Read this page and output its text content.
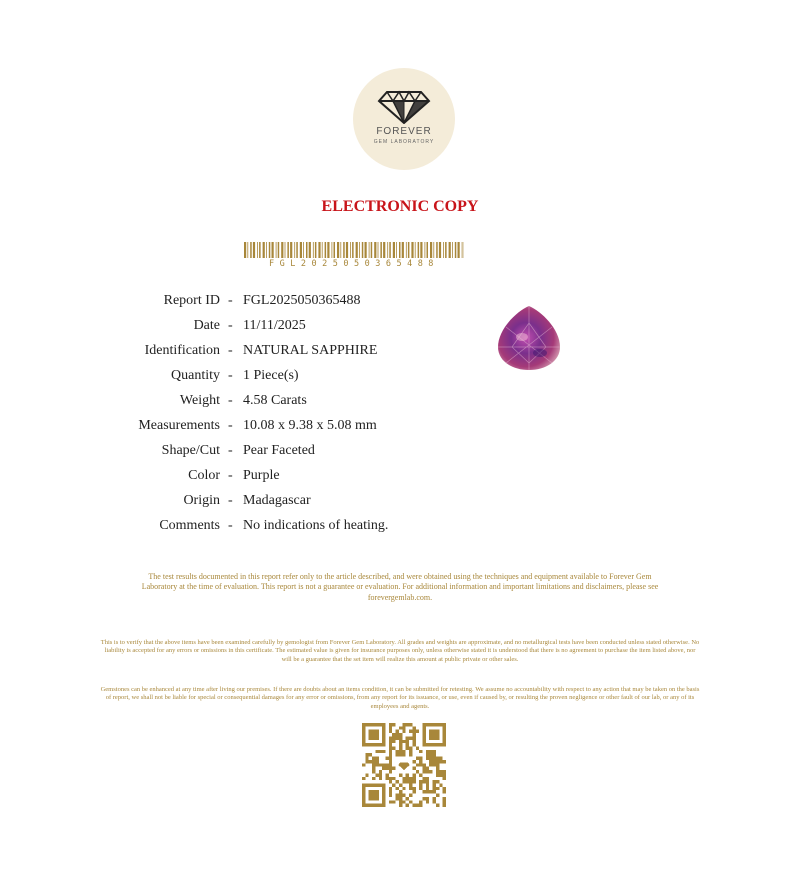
FOREVER
GEM LABORATORY
ELECTRONIC COPY
FGL2025050365488
Report ID - FGL2025050365488
Date - 11/11/2025
Identification - NATURAL SAPPHIRE
Quantity - 1 Piece(s)
Weight - 4.58 Carats
Measurements - 10.08 x 9.38 x 5.08 mm
Shape/Cut - Pear Faceted
Color - Purple
Origin - Madagascar
Comments - No indications of heating.
The test results documented in this report refer only to the article described, and were obtained using the techniques and equipment available to Forever Gem Laboratory at the time of evaluation. This report is not a guarantee or evaluation. For additional information and important limitations and disclaimers, please see forevergemlab.com.
This is to verify that the above items have been examined carefully by gemologist from Forever Gem Laboratory. All grades and weights are approximate, and no metallurgical tests have been conducted unless stated otherwise. No liability is accepted for any errors or omissions in this certificate. The estimated value is given for insurance purposes only, unless otherwise stated it is understood that there is no agreement to purchase the item listed above, nor will be a guarantee that the set item will realize this amount at public private or other sales.
Gemstones can be enhanced at any time after living our premises. If there are doubts about an items condition, it can be submitted for retesting. We assume no accountability with respect to any action that may be taken on the basis of report, we shall not be liable for special or consequential damages for any error or omissions, from any report for its issuance, or use, even if caused by, or resulting the proven negligence or other fault of our lab, or any of its employees and agents.
